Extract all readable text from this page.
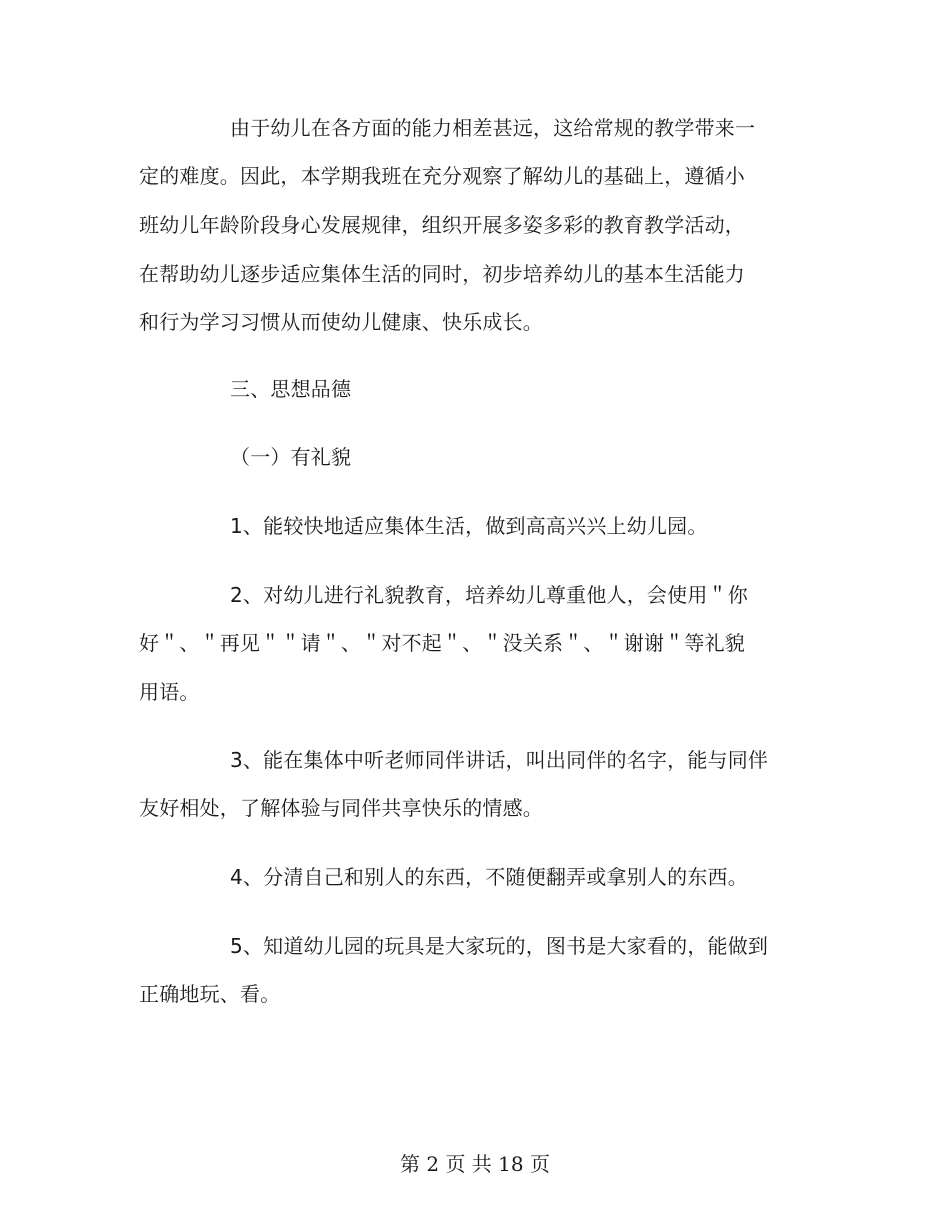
由于幼儿在各方面的能力相差甚远，这给常规的教学带来一
定的难度。因此，本学期我班在充分观察了解幼儿的基础上，遵循小
班幼儿年龄阶段身心发展规律，组织开展多姿多彩的教育教学活动，
在帮助幼儿逐步适应集体生活的同时，初步培养幼儿的基本生活能力
和行为学习习惯从而使幼儿健康、快乐成长。
三、思想品德
（一）有礼貌
1、能较快地适应集体生活，做到高高兴兴上幼儿园。
2、对幼儿进行礼貌教育，培养幼儿尊重他人，会使用＂你
好＂、＂再见＂＂请＂、＂对不起＂、＂没关系＂、＂谢谢＂等礼貌
用语。
3、能在集体中听老师同伴讲话，叫出同伴的名字，能与同伴
友好相处，了解体验与同伴共享快乐的情感。
4、分清自己和别人的东西，不随便翻弄或拿别人的东西。
5、知道幼儿园的玩具是大家玩的，图书是大家看的，能做到
正确地玩、看。
第 2 页 共 18 页
